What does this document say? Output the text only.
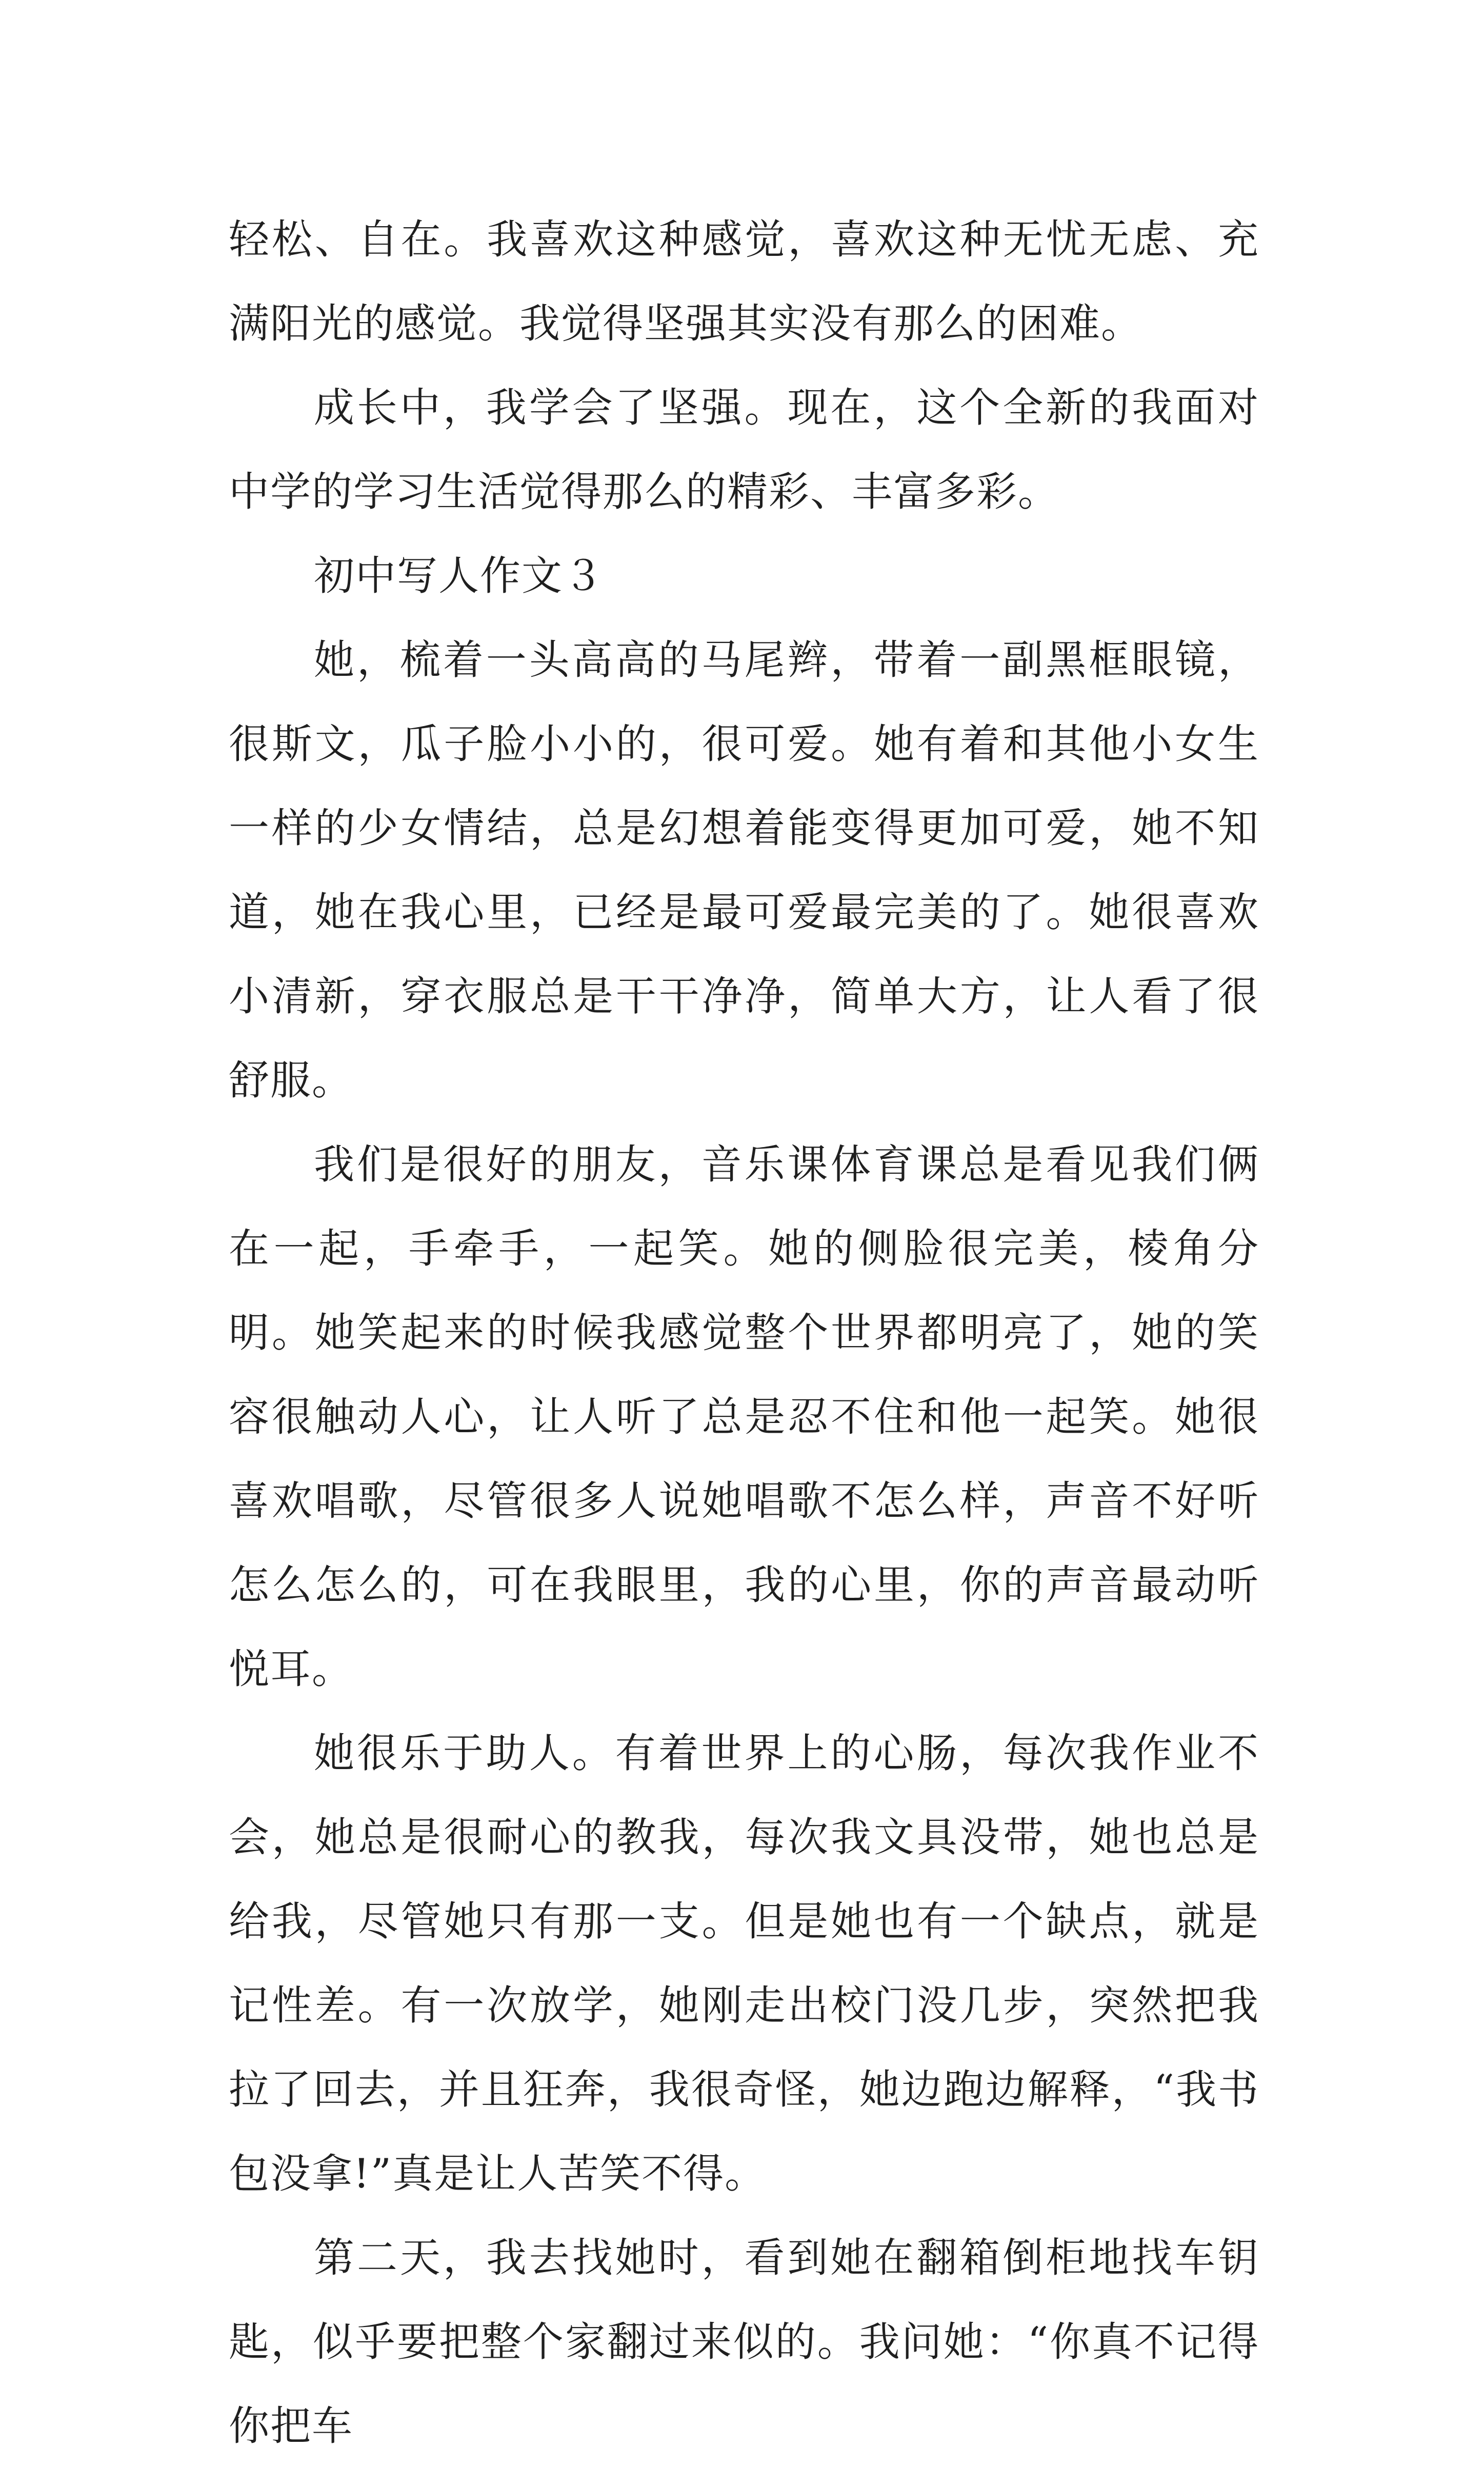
轻松、自在。我喜欢这种感觉，喜欢这种无忧无虑、充满阳光的感觉。我觉得坚强其实没有那么的困难。

成长中，我学会了坚强。现在，这个全新的我面对中学的学习生活觉得那么的精彩、丰富多彩。

初中写人作文３

她，梳着一头高高的马尾辫，带着一副黑框眼镜，很斯文，瓜子脸小小的，很可爱。她有着和其他小女生一样的少女情结，总是幻想着能变得更加可爱，她不知道，她在我心里，已经是最可爱最完美的了。她很喜欢小清新，穿衣服总是干干净净，简单大方，让人看了很舒服。

我们是很好的朋友，音乐课体育课总是看见我们俩在一起，手牵手，一起笑。她的侧脸很完美，棱角分明。她笑起来的时候我感觉整个世界都明亮了，她的笑容很触动人心，让人听了总是忍不住和他一起笑。她很喜欢唱歌，尽管很多人说她唱歌不怎么样，声音不好听怎么怎么的，可在我眼里，我的心里，你的声音最动听悦耳。

她很乐于助人。有着世界上的心肠，每次我作业不会，她总是很耐心的教我，每次我文具没带，她也总是给我，尽管她只有那一支。但是她也有一个缺点，就是记性差。有一次放学，她刚走出校门没几步，突然把我拉了回去，并且狂奔，我很奇怪，她边跑边解释，“我书包没拿!”真是让人苦笑不得。

第二天，我去找她时，看到她在翻箱倒柜地找车钥匙，似乎要把整个家翻过来似的。我问她：“你真不记得你把车
